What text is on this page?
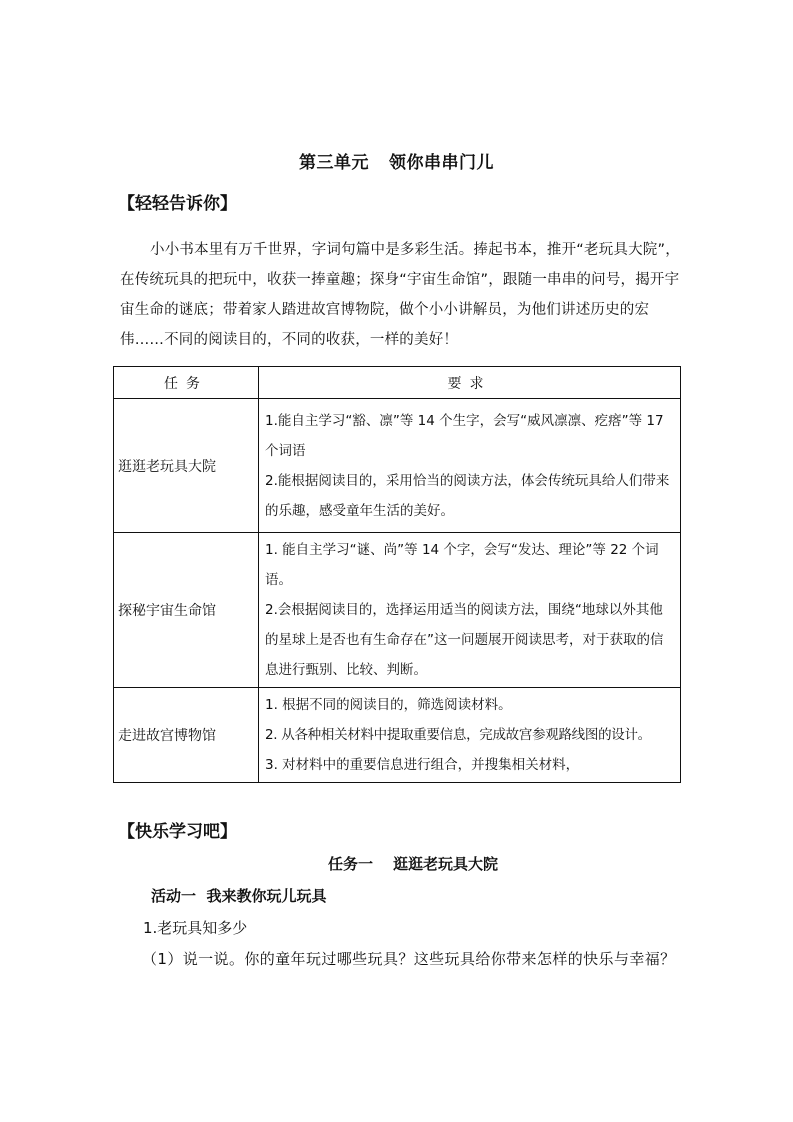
第三单元 领你串串门儿
【轻轻告诉你】

小小书本里有万千世界，字词句篇中是多彩生活。捧起书本，推开“老玩具大院”，在传统玩具的把玩中，收获一捧童趣；探身“宇宙生命馆”，跟随一串串的问号，揭开宇宙生命的谜底；带着家人踏进故宫博物院，做个小小讲解员，为他们讲述历史的宏伟……不同的阅读目的，不同的收获，一样的美好！

任务	要求
逛逛老玩具大院	1.能自主学习“豁、凛”等 14 个生字，会写“威风凛凛、疙瘩”等 17 个词语
2.能根据阅读目的，采用恰当的阅读方法，体会传统玩具给人们带来的乐趣，感受童年生活的美好。

探秘宇宙生命馆	1. 能自主学习“谜、尚”等 14 个字，会写“发达、理论”等 22 个词语。
2.会根据阅读目的，选择运用适当的阅读方法，围绕“地球以外其他的星球上是否也有生命存在”这一问题展开阅读思考，对于获取的信息进行甄别、比较、判断。

走进故宫博物馆	1. 根据不同的阅读目的，筛选阅读材料。
2. 从各种相关材料中提取重要信息，完成故宫参观路线图的设计。
3. 对材料中的重要信息进行组合，并搜集相关材料，
【快乐学习吧】
任务一 逛逛老玩具大院
活动一  我来教你玩儿玩具
1.老玩具知多少
（1）说一说。你的童年玩过哪些玩具？这些玩具给你带来怎样的快乐与幸福？
